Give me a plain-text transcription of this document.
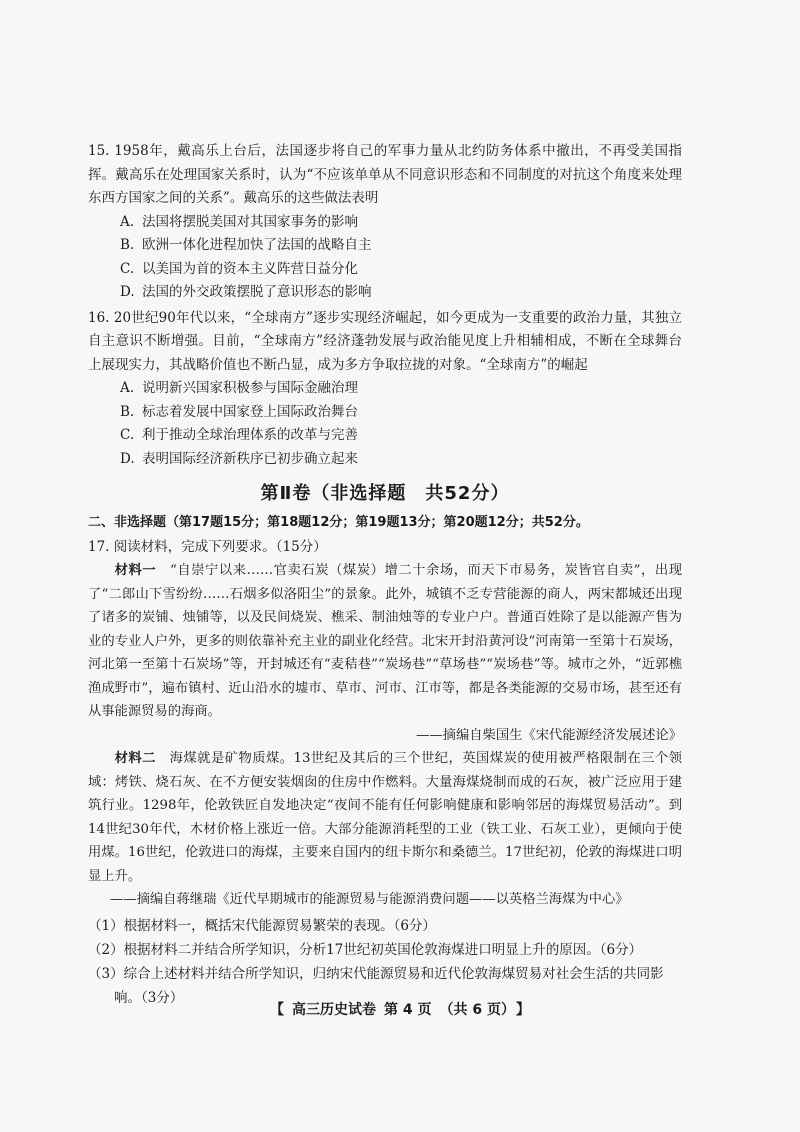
15. 1958年，戴高乐上台后，法国逐步将自己的军事力量从北约防务体系中撤出，不再受美国指挥。戴高乐在处理国家关系时，认为“不应该单单从不同意识形态和不同制度的对抗这个角度来处理东西方国家之间的关系”。戴高乐的这些做法表明

A. 法国将摆脱美国对其国家事务的影响
B. 欧洲一体化进程加快了法国的战略自主
C. 以美国为首的资本主义阵营日益分化
D. 法国的外交政策摆脱了意识形态的影响

16. 20世纪90年代以来，“全球南方”逐步实现经济崛起，如今更成为一支重要的政治力量，其独立自主意识不断增强。目前，“全球南方”经济蓬勃发展与政治能见度上升相辅相成，不断在全球舞台上展现实力，其战略价值也不断凸显，成为多方争取拉拢的对象。“全球南方”的崛起

A. 说明新兴国家积极参与国际金融治理
B. 标志着发展中国家登上国际政治舞台
C. 利于推动全球治理体系的改革与完善
D. 表明国际经济新秩序已初步确立起来
第Ⅱ卷（非选择题　共52分）

二、非选择题（第17题15分；第18题12分；第19题13分；第20题12分；共52分。

17. 阅读材料，完成下列要求。（15分）

材料一　 “自崇宁以来……官卖石炭（煤炭）增二十余场，而天下市易务，炭皆官自卖”，出现了“二郎山下雪纷纷……石烟多似洛阳尘”的景象。此外，城镇不乏专营能源的商人，两宋都城还出现了诸多的炭铺、烛铺等，以及民间烧炭、樵采、制油烛等的专业户户。普通百姓除了是以能源产售为业的专业人户外，更多的则依靠补充主业的副业化经营。北宋开封沿黄河设“河南第一至第十石炭场，河北第一至第十石炭场”等，开封城还有“麦秸巷”“炭场巷”“草场巷”“炭场巷”等。城市之外，“近郭樵渔成野市”，遍布镇村、近山沿水的墟市、草市、河市、江市等，都是各类能源的交易市场，甚至还有从事能源贸易的海商。

——摘编自柴国生《宋代能源经济发展述论》

材料二　 海煤就是矿物质煤。13世纪及其后的三个世纪，英国煤炭的使用被严格限制在三个领域：烤铁、烧石灰、在不方便安装烟囱的住房中作燃料。大量海煤烧制而成的石灰，被广泛应用于建筑行业。1298年，伦敦铁匠自发地决定“夜间不能有任何影响健康和影响邻居的海煤贸易活动”。到14世纪30年代，木材价格上涨近一倍。大部分能源消耗型的工业（铁工业、石灰工业），更倾向于使用煤。16世纪，伦敦进口的海煤，主要来自国内的纽卡斯尔和桑德兰。17世纪初，伦敦的海煤进口明显上升。

——摘编自蒋继瑞《近代早期城市的能源贸易与能源消费问题——以英格兰海煤为中心》

（1）根据材料一，概括宋代能源贸易繁荣的表现。（6分）

（2）根据材料二并结合所学知识，分析17世纪初英国伦敦海煤进口明显上升的原因。（6分）

（3）综合上述材料并结合所学知识，归纳宋代能源贸易和近代伦敦海煤贸易对社会生活的共同影响。（3分）

【 高三历史试卷 第 4 页 （共 6 页） 】
